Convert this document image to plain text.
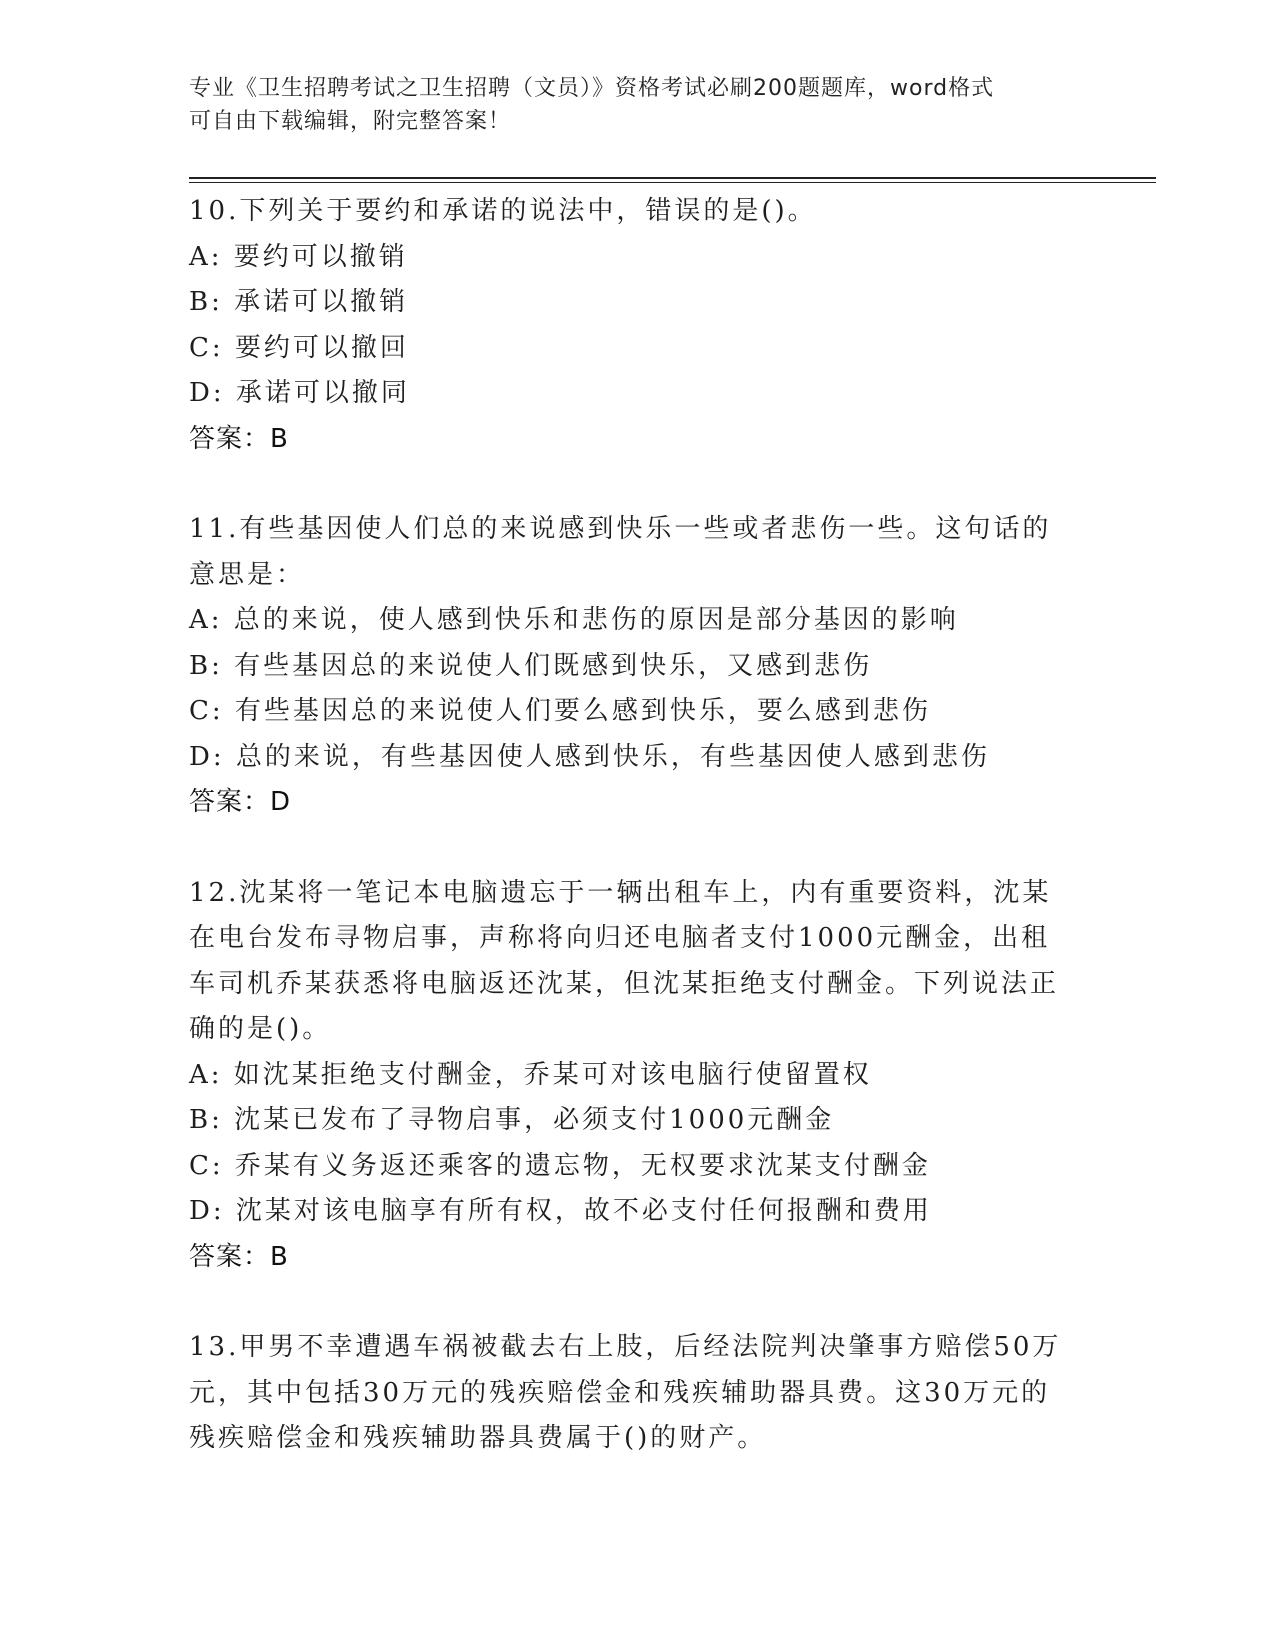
专业《卫生招聘考试之卫生招聘（文员）》资格考试必刷200题题库，word格式
可自由下载编辑，附完整答案！
10.下列关于要约和承诺的说法中，错误的是()。
A: 要约可以撤销
B: 承诺可以撤销
C: 要约可以撤回
D: 承诺可以撤同
答案：B
11.有些基因使人们总的来说感到快乐一些或者悲伤一些。这句话的意思是：
A: 总的来说，使人感到快乐和悲伤的原因是部分基因的影响
B: 有些基因总的来说使人们既感到快乐，又感到悲伤
C: 有些基因总的来说使人们要么感到快乐，要么感到悲伤
D: 总的来说，有些基因使人感到快乐，有些基因使人感到悲伤
答案：D
12.沈某将一笔记本电脑遗忘于一辆出租车上，内有重要资料，沈某在电台发布寻物启事，声称将向归还电脑者支付1000元酬金，出租车司机乔某获悉将电脑返还沈某，但沈某拒绝支付酬金。下列说法正确的是()。
A: 如沈某拒绝支付酬金，乔某可对该电脑行使留置权
B: 沈某已发布了寻物启事，必须支付1000元酬金
C: 乔某有义务返还乘客的遗忘物，无权要求沈某支付酬金
D: 沈某对该电脑享有所有权，故不必支付任何报酬和费用
答案：B
13.甲男不幸遭遇车祸被截去右上肢，后经法院判决肇事方赔偿50万元，其中包括30万元的残疾赔偿金和残疾辅助器具费。这30万元的残疾赔偿金和残疾辅助器具费属于()的财产。
